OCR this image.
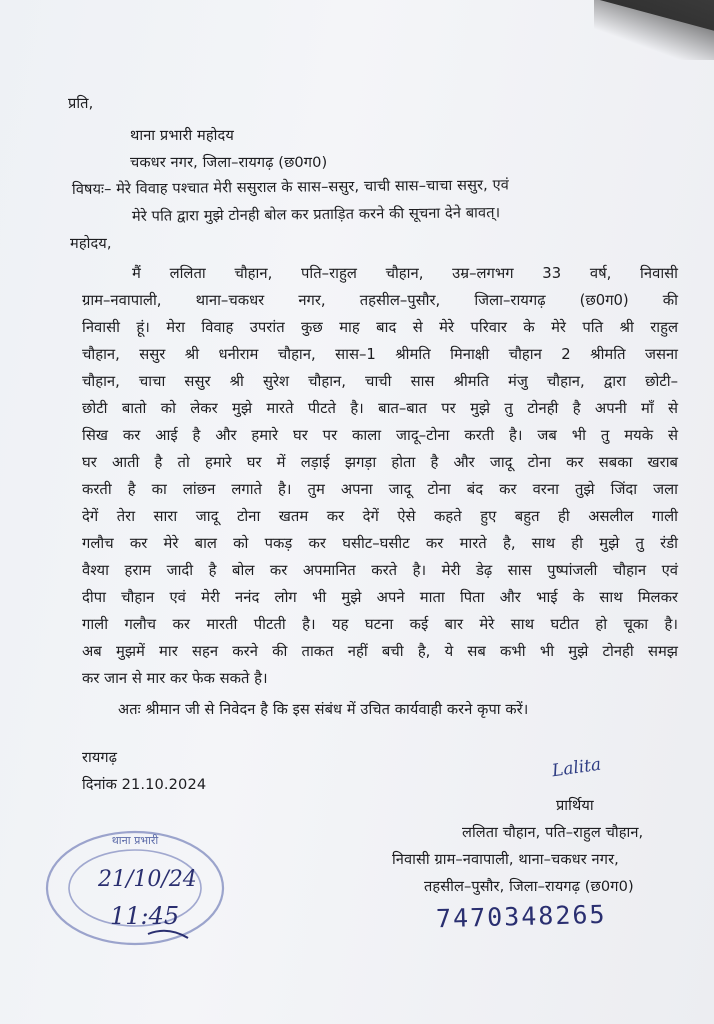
प्रति,
थाना प्रभारी महोदय
चकधर नगर, जिला–रायगढ़ (छ0ग0)
विषयः– मेरे विवाह पश्चात मेरी ससुराल के सास–ससुर, चाची सास–चाचा ससुर, एवं
मेरे पति द्वारा मुझे टोनही बोल कर प्रताड़ित करने की सूचना देने बावत्।
महोदय,
मैं ललिता चौहान, पति–राहुल चौहान, उम्र–लगभग 33 वर्ष, निवासी
ग्राम–नवापाली, थाना–चकधर नगर, तहसील–पुसौर, जिला–रायगढ़ (छ0ग0) की
निवासी हूं। मेरा विवाह उपरांत कुछ माह बाद से मेरे परिवार के मेरे पति श्री राहुल
चौहान, ससुर श्री धनीराम चौहान, सास–1 श्रीमति मिनाक्षी चौहान 2 श्रीमति जसना
चौहान, चाचा ससुर श्री सुरेश चौहान, चाची सास श्रीमति मंजु चौहान, द्वारा छोटी–
छोटी बातो को लेकर मुझे मारते पीटते है। बात–बात पर मुझे तु टोनही है अपनी माँ से
सिख कर आई है और हमारे घर पर काला जादू–टोना करती है। जब भी तु मयके से
घर आती है तो हमारे घर में लड़ाई झगड़ा होता है और जादू टोना कर सबका खराब
करती है का लांछन लगाते है। तुम अपना जादू टोना बंद कर वरना तुझे जिंदा जला
देगें तेरा सारा जादू टोना खतम कर देगें ऐसे कहते हुए बहुत ही असलील गाली
गलौच कर मेरे बाल को पकड़ कर घसीट–घसीट कर मारते है, साथ ही मुझे तु रंडी
वैश्या हराम जादी है बोल कर अपमानित करते है। मेरी डेढ़ सास पुष्पांजली चौहान एवं
दीपा चौहान एवं मेरी ननंद लोग भी मुझे अपने माता पिता और भाई के साथ मिलकर
गाली गलौच कर मारती पीटती है। यह घटना कई बार मेरे साथ घटीत हो चूका है।
अब मुझमें मार सहन करने की ताकत नहीं बची है, ये सब कभी भी मुझे टोनही समझ
कर जान से मार कर फेक सकते है।
अतः श्रीमान जी से निवेदन है कि इस संबंध में उचित कार्यवाही करने कृपा करें।
रायगढ़
दिनांक 21.10.2024
Lalita
प्रार्थिया
ललिता चौहान, पति–राहुल चौहान,
निवासी ग्राम–नवापाली, थाना–चकधर नगर,
तहसील–पुसौर, जिला–रायगढ़ (छ0ग0)
7470348265
थाना प्रभारी
21/10/24
11:45
